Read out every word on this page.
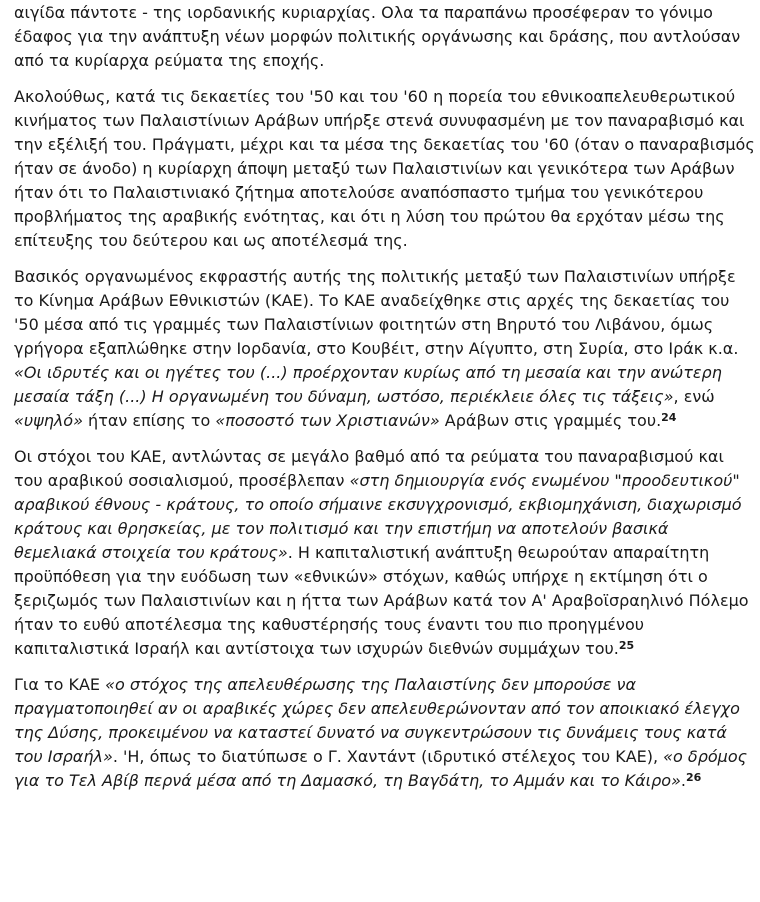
αιγίδα πάντοτε - της ιορδανικής κυριαρχίας. Ολα τα παραπάνω προσέφεραν το γόνιμο έδαφος για την ανάπτυξη νέων μορφών πολιτικής οργάνωσης και δράσης, που αντλούσαν από τα κυρίαρχα ρεύματα της εποχής.

Ακολούθως, κατά τις δεκαετίες του '50 και του '60 η πορεία του εθνικοαπελευθερωτικού κινήματος των Παλαιστίνιων Αράβων υπήρξε στενά συνυφασμένη με τον παναραβισμό και την εξέλιξή του. Πράγματι, μέχρι και τα μέσα της δεκαετίας του '60 (όταν ο παναραβισμός ήταν σε άνοδο) η κυρίαρχη άποψη μεταξύ των Παλαιστινίων και γενικότερα των Αράβων ήταν ότι το Παλαιστινιακό ζήτημα αποτελούσε αναπόσπαστο τμήμα του γενικότερου προβλήματος της αραβικής ενότητας, και ότι η λύση του πρώτου θα ερχόταν μέσω της επίτευξης του δεύτερου και ως αποτέλεσμά της.

Βασικός οργανωμένος εκφραστής αυτής της πολιτικής μεταξύ των Παλαιστινίων υπήρξε το Κίνημα Αράβων Εθνικιστών (ΚΑΕ). Το ΚΑΕ αναδείχθηκε στις αρχές της δεκαετίας του '50 μέσα από τις γραμμές των Παλαιστίνιων φοιτητών στη Βηρυτό του Λιβάνου, όμως γρήγορα εξαπλώθηκε στην Ιορδανία, στο Κουβέιτ, στην Αίγυπτο, στη Συρία, στο Ιράκ κ.α. «Οι ιδρυτές και οι ηγέτες του (...) προέρχονταν κυρίως από τη μεσαία και την ανώτερη μεσαία τάξη (...) Η οργανωμένη του δύναμη, ωστόσο, περιέκλειε όλες τις τάξεις», ενώ «υψηλό» ήταν επίσης το «ποσοστό των Χριστιανών» Αράβων στις γραμμές του.$^{24}$

Οι στόχοι του ΚΑΕ, αντλώντας σε μεγάλο βαθμό από τα ρεύματα του παναραβισμού και του αραβικού σοσιαλισμού, προσέβλεπαν «στη δημιουργία ενός ενωμένου "προοδευτικού" αραβικού έθνους - κράτους, το οποίο σήμαινε εκσυγχρονισμό, εκβιομηχάνιση, διαχωρισμό κράτους και θρησκείας, με τον πολιτισμό και την επιστήμη να αποτελούν βασικά θεμελιακά στοιχεία του κράτους». Η καπιταλιστική ανάπτυξη θεωρούταν απαραίτητη προϋπόθεση για την ευόδωση των «εθνικών» στόχων, καθώς υπήρχε η εκτίμηση ότι ο ξεριζωμός των Παλαιστινίων και η ήττα των Αράβων κατά τον Α' Αραβοϊσραηλινό Πόλεμο ήταν το ευθύ αποτέλεσμα της καθυστέρησής τους έναντι του πιο προηγμένου καπιταλιστικά Ισραήλ και αντίστοιχα των ισχυρών διεθνών συμμάχων του.$^{25}$

Για το ΚΑΕ «ο στόχος της απελευθέρωσης της Παλαιστίνης δεν μπορούσε να πραγματοποιηθεί αν οι αραβικές χώρες δεν απελευθερώνονταν από τον αποικιακό έλεγχο της Δύσης, προκειμένου να καταστεί δυνατό να συγκεντρώσουν τις δυνάμεις τους κατά του Ισραήλ». 'Η, όπως το διατύπωσε ο Γ. Χαντάντ (ιδρυτικό στέλεχος του ΚΑΕ), «ο δρόμος για το Τελ Αβίβ περνά μέσα από τη Δαμασκό, τη Βαγδάτη, το Αμμάν και το Κάιρο».$^{26}$
